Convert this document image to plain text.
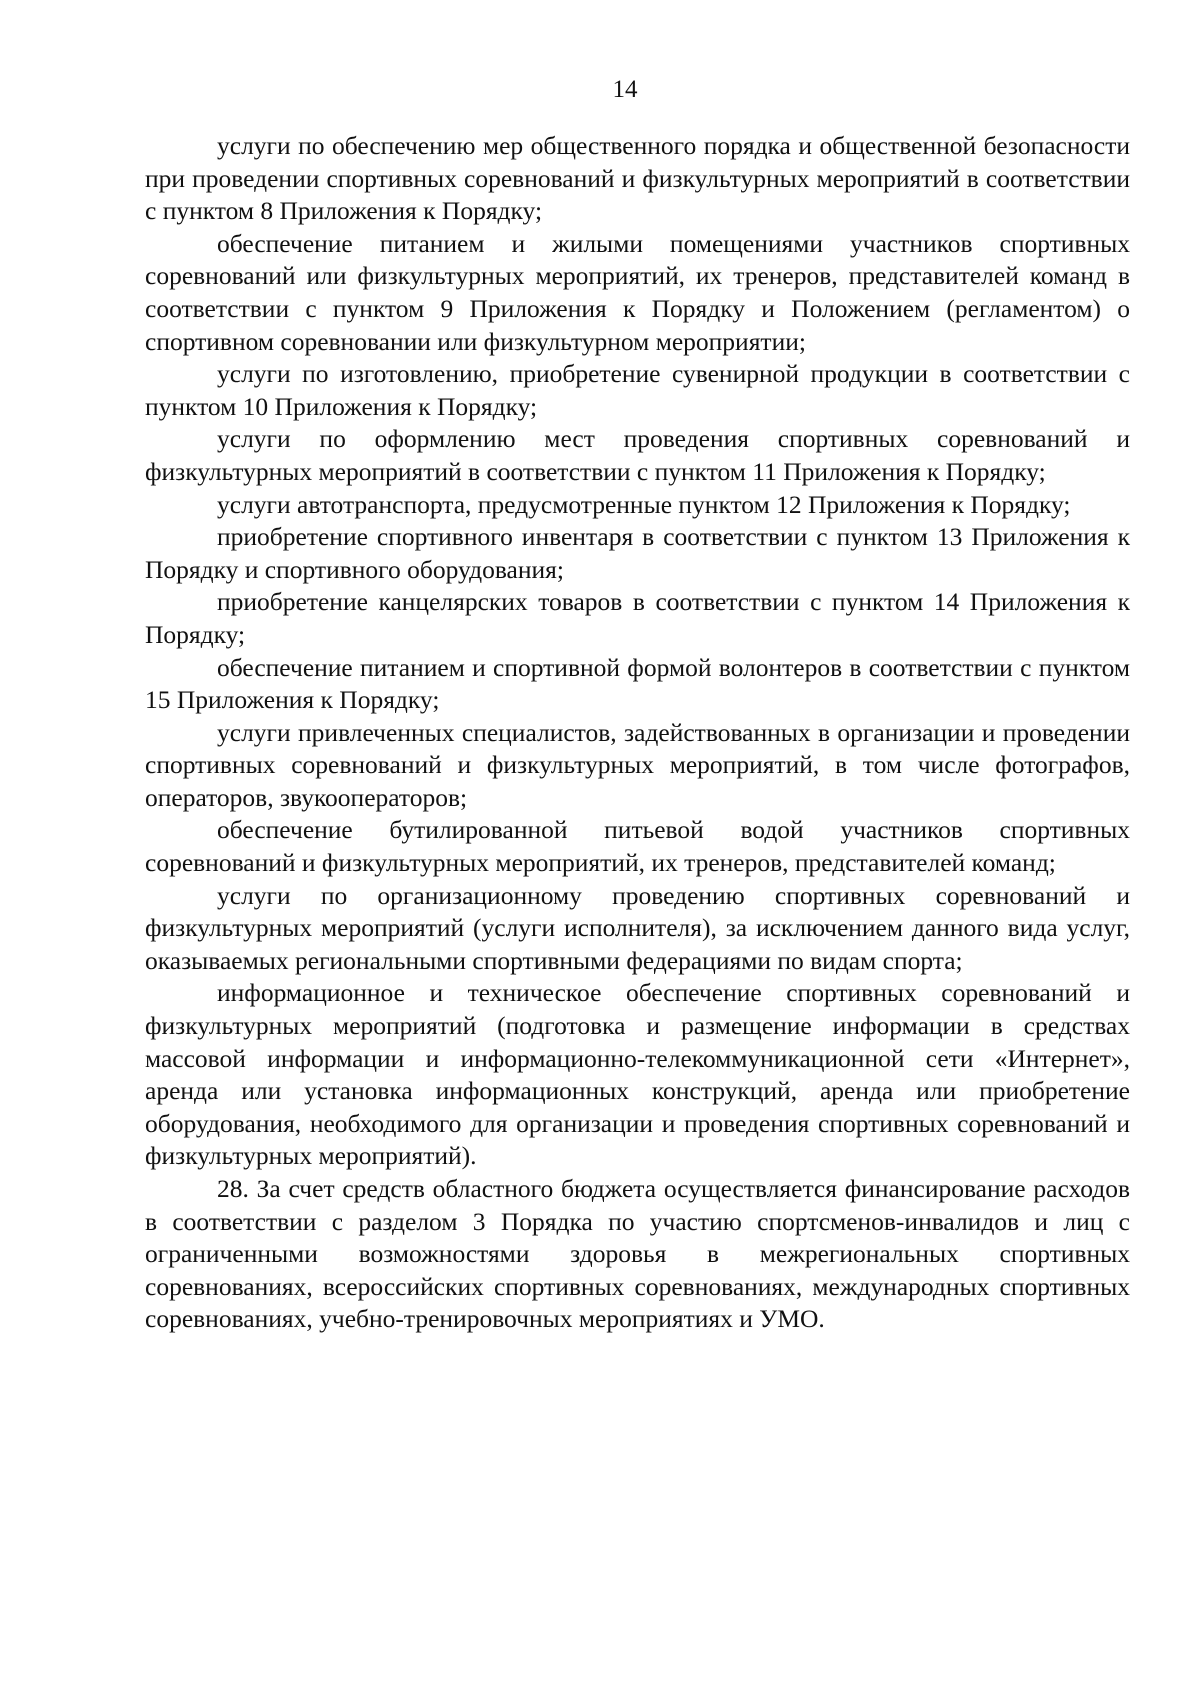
14

услуги по обеспечению мер общественного порядка и общественной безопасности при проведении спортивных соревнований и физкультурных мероприятий в соответствии с пунктом 8 Приложения к Порядку;

обеспечение питанием и жилыми помещениями участников спортивных соревнований или физкультурных мероприятий, их тренеров, представителей команд в соответствии с пунктом 9 Приложения к Порядку и Положением (регламентом) о спортивном соревновании или физкультурном мероприятии;

услуги по изготовлению, приобретение сувенирной продукции в соответствии с пунктом 10 Приложения к Порядку;

услуги по оформлению мест проведения спортивных соревнований и физкультурных мероприятий в соответствии с пунктом 11 Приложения к Порядку;

услуги автотранспорта, предусмотренные пунктом 12 Приложения к Порядку;

приобретение спортивного инвентаря в соответствии с пунктом 13 Приложения к Порядку и спортивного оборудования;

приобретение канцелярских товаров в соответствии с пунктом 14 Приложения к Порядку;

обеспечение питанием и спортивной формой волонтеров в соответствии с пунктом 15 Приложения к Порядку;

услуги привлеченных специалистов, задействованных в организации и проведении спортивных соревнований и физкультурных мероприятий, в том числе фотографов, операторов, звукооператоров;

обеспечение бутилированной питьевой водой участников спортивных соревнований и физкультурных мероприятий, их тренеров, представителей команд;

услуги по организационному проведению спортивных соревнований и физкультурных мероприятий (услуги исполнителя), за исключением данного вида услуг, оказываемых региональными спортивными федерациями по видам спорта;

информационное и техническое обеспечение спортивных соревнований и физкультурных мероприятий (подготовка и размещение информации в средствах массовой информации и информационно-телекоммуникационной сети «Интернет», аренда или установка информационных конструкций, аренда или приобретение оборудования, необходимого для организации и проведения спортивных соревнований и физкультурных мероприятий).

28. За счет средств областного бюджета осуществляется финансирование расходов в соответствии с разделом 3 Порядка по участию спортсменов-инвалидов и лиц с ограниченными возможностями здоровья в межрегиональных спортивных соревнованиях, всероссийских спортивных соревнованиях, международных спортивных соревнованиях, учебно-тренировочных мероприятиях и УМО.
